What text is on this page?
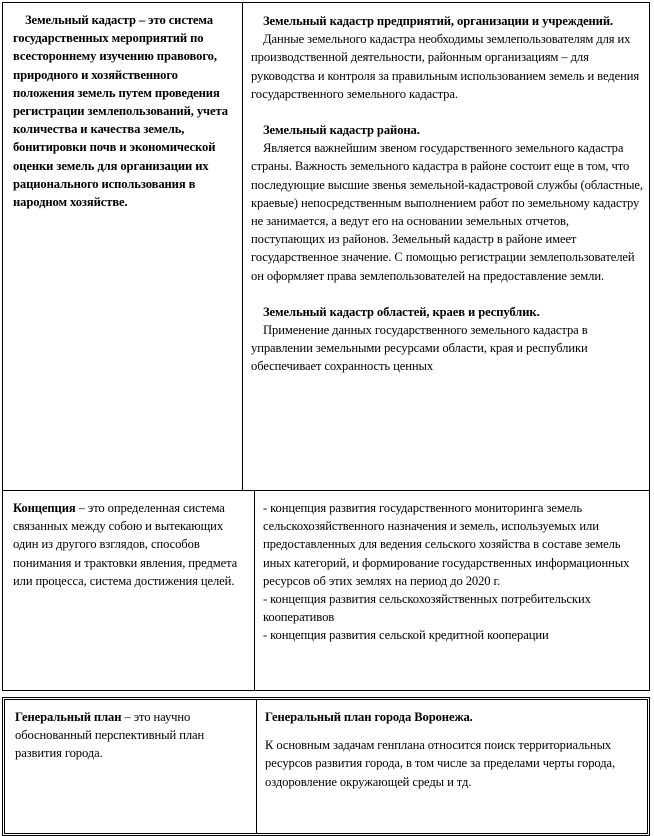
Земельный кадастр – это система государственных мероприятий по всестороннему изучению правового, природного и хозяйственного положения земель путем проведения регистрации землепользований, учета количества и качества земель, бонитировки почв и экономической оценки земель для организации их рационального использования в народном хозяйстве.

Земельный кадастр предприятий, организации и учреждений.

Данные земельного кадастра необходимы землепользователям для их производственной деятельности, районным организациям – для руководства и контроля за правильным использованием земель и ведения государственного земельного кадастра.

Земельный кадастр района.

Является важнейшим звеном государственного земельного кадастра страны. Важность земельного кадастра в районе состоит еще в том, что последующие высшие звенья земельной-кадастровой службы (областные, краевые) непосредственным выполнением работ по земельному кадастру не занимается, а ведут его на основании земельных отчетов, поступающих из районов. Земельный кадастр в районе имеет государственное значение. С помощью регистрации землепользователей он оформляет права землепользователей на предоставление земли.

Земельный кадастр областей, краев и республик.

Применение данных государственного земельного кадастра в управлении земельными ресурсами области, края и республики обеспечивает сохранность ценных

Концепция – это определенная система связанных между собою и вытекающих один из другого взглядов, способов понимания и трактовки явления, предмета или процесса, система достижения целей.

- концепция развития государственного мониторинга земель сельскохозяйственного назначения и земель, используемых или предоставленных для ведения сельского хозяйства в составе земель иных категорий, и формирование государственных информационных ресурсов об этих землях на период до 2020 г.

- концепция развития сельскохозяйственных потребительских кооперативов

- концепция развития сельской кредитной кооперации

Генеральный план – это научно обоснованный перспективный план развития города.

Генеральный план города Воронежа.

К основным задачам генплана относится поиск территориальных ресурсов развития города, в том числе за пределами черты города, оздоровление окружающей среды и тд.
